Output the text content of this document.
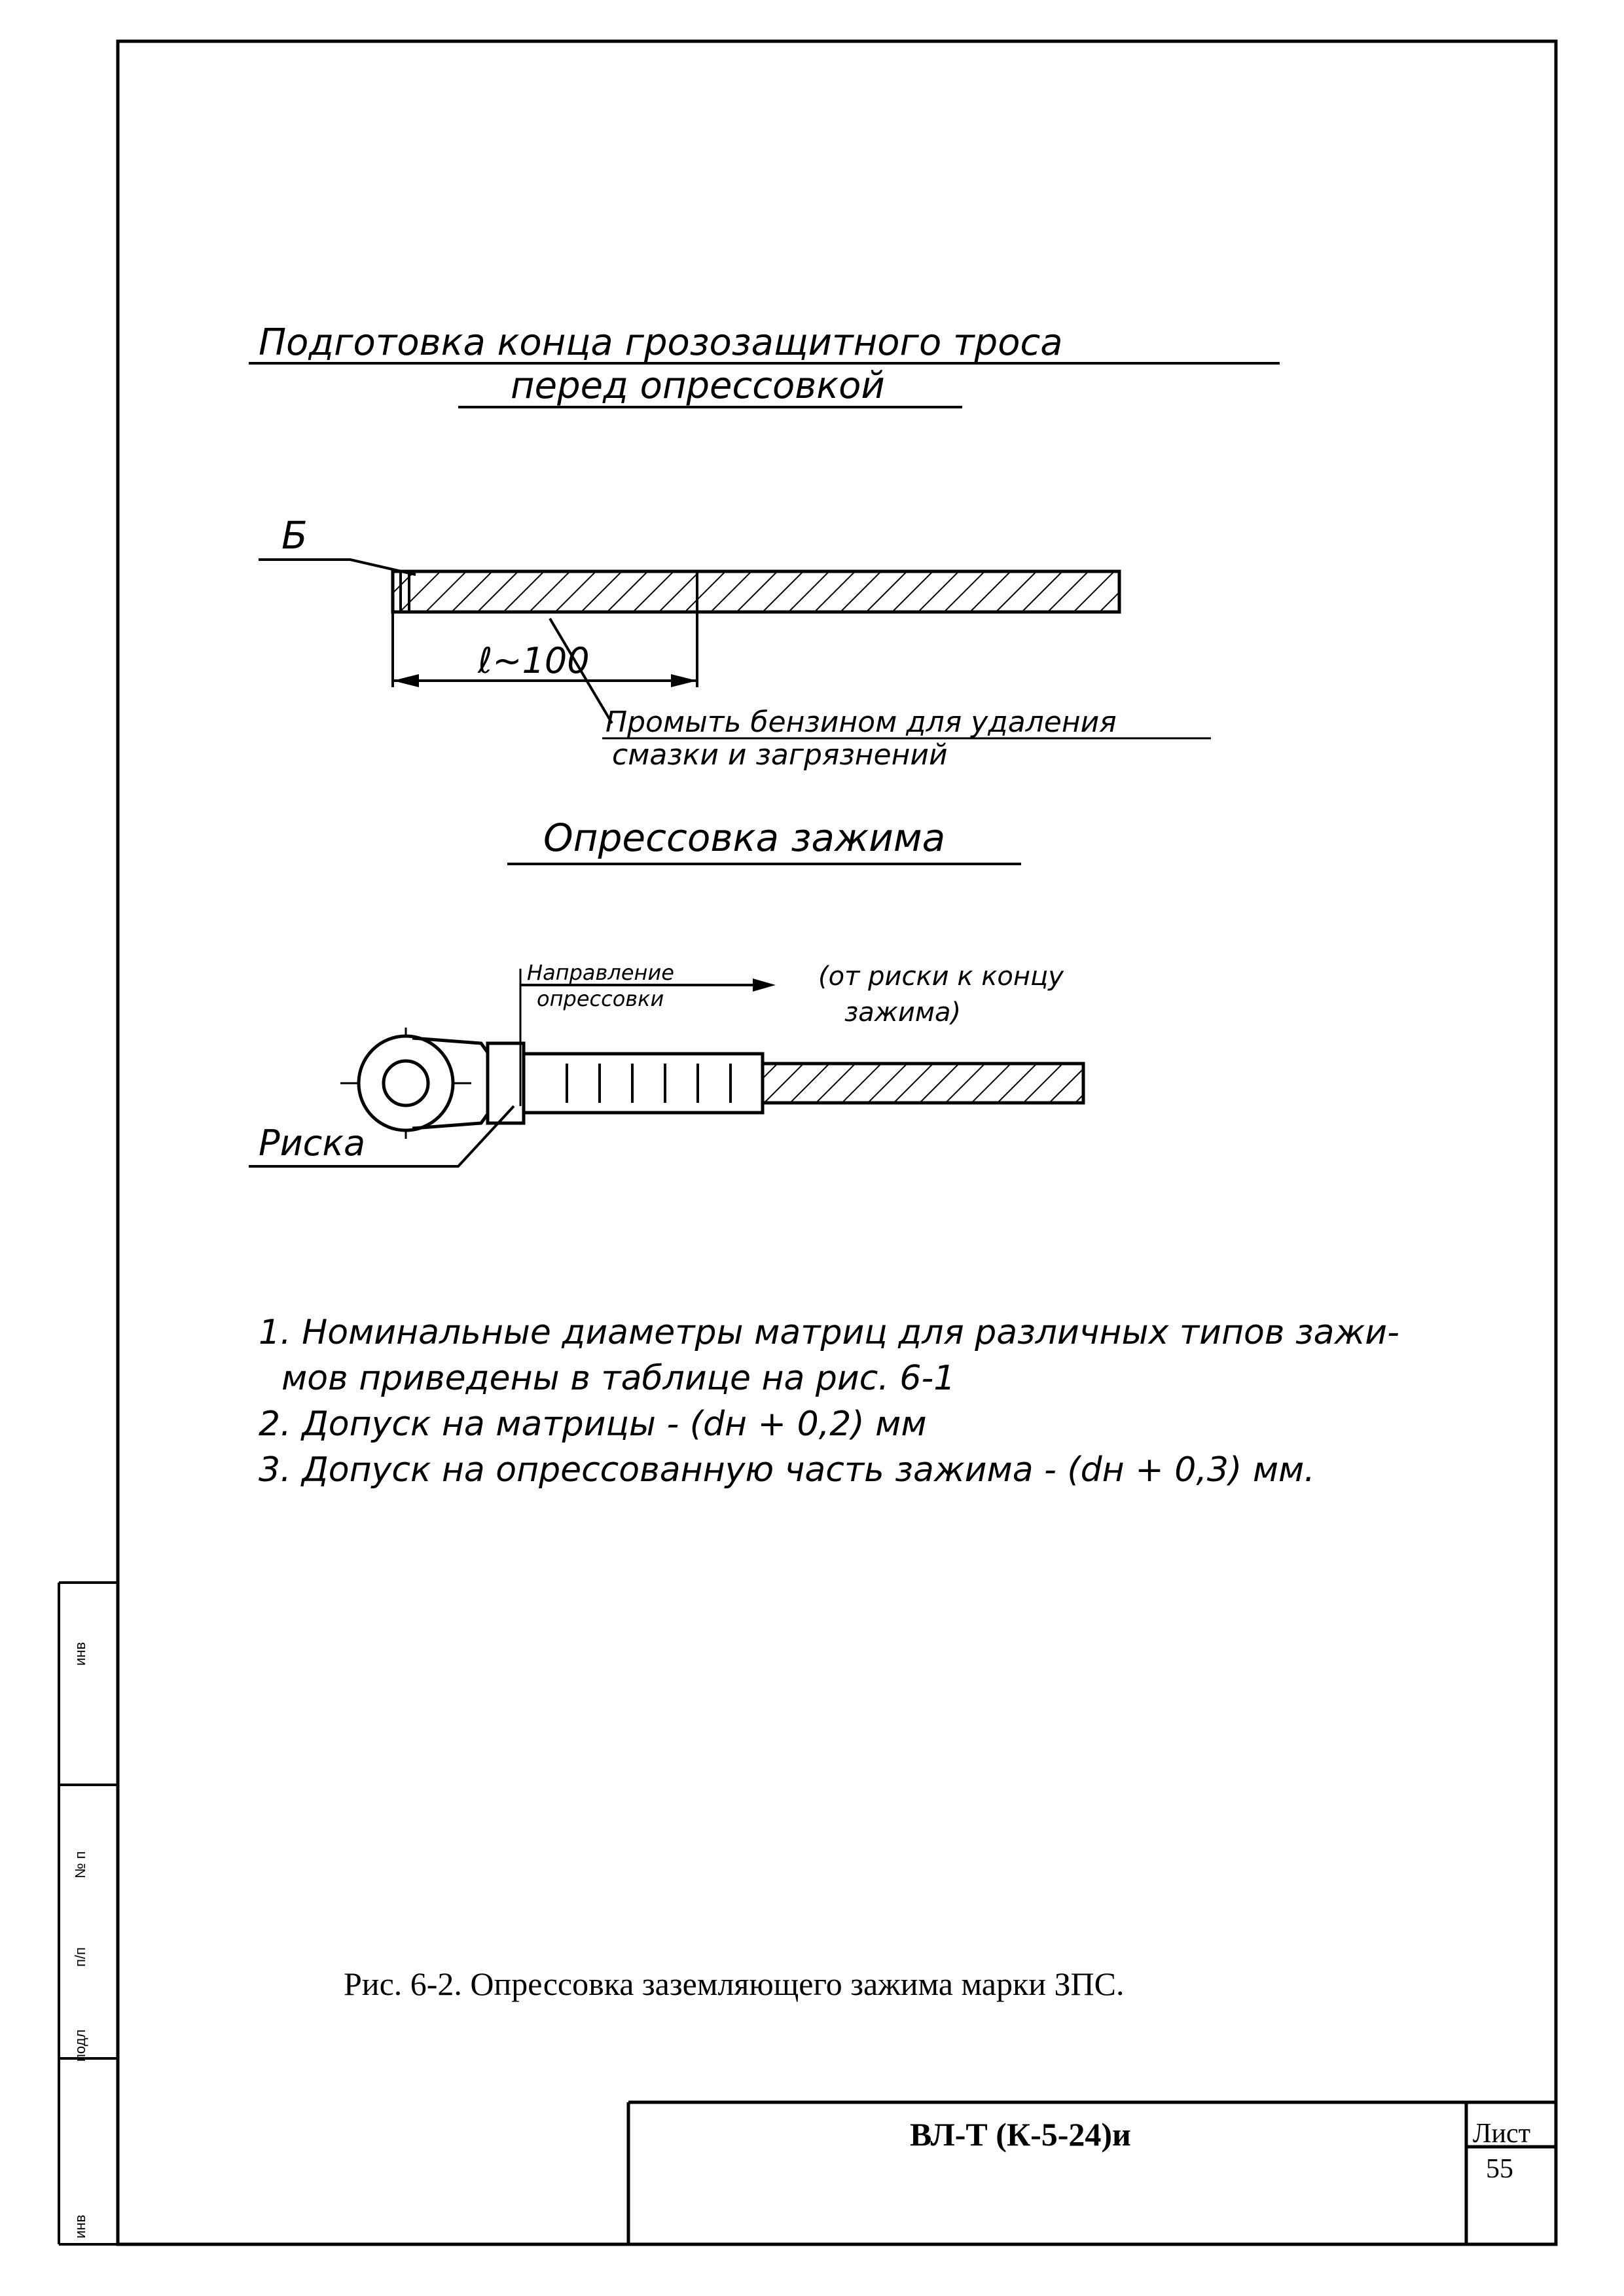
Подготовка конца грозозащитного троса
перед опрессовкой
Б
ℓ~100
Промыть бензином для удаления
смазки и загрязнений
Опрессовка зажима
Направление
опрессовки
(от риски к концу
зажима)
Риска
1. Номинальные диаметры матриц для различных типов зажи-
мов приведены в таблице на рис. 6-1
2. Допуск на матрицы - (dн + 0,2) мм
3. Допуск на опрессованную часть зажима - (dн + 0,3) мм.
Рис. 6-2. Опрессовка заземляющего зажима марки ЗПС.
ВЛ-Т (К-5-24)и	Лист
55
инв
№ п
п/п
подл
инв
